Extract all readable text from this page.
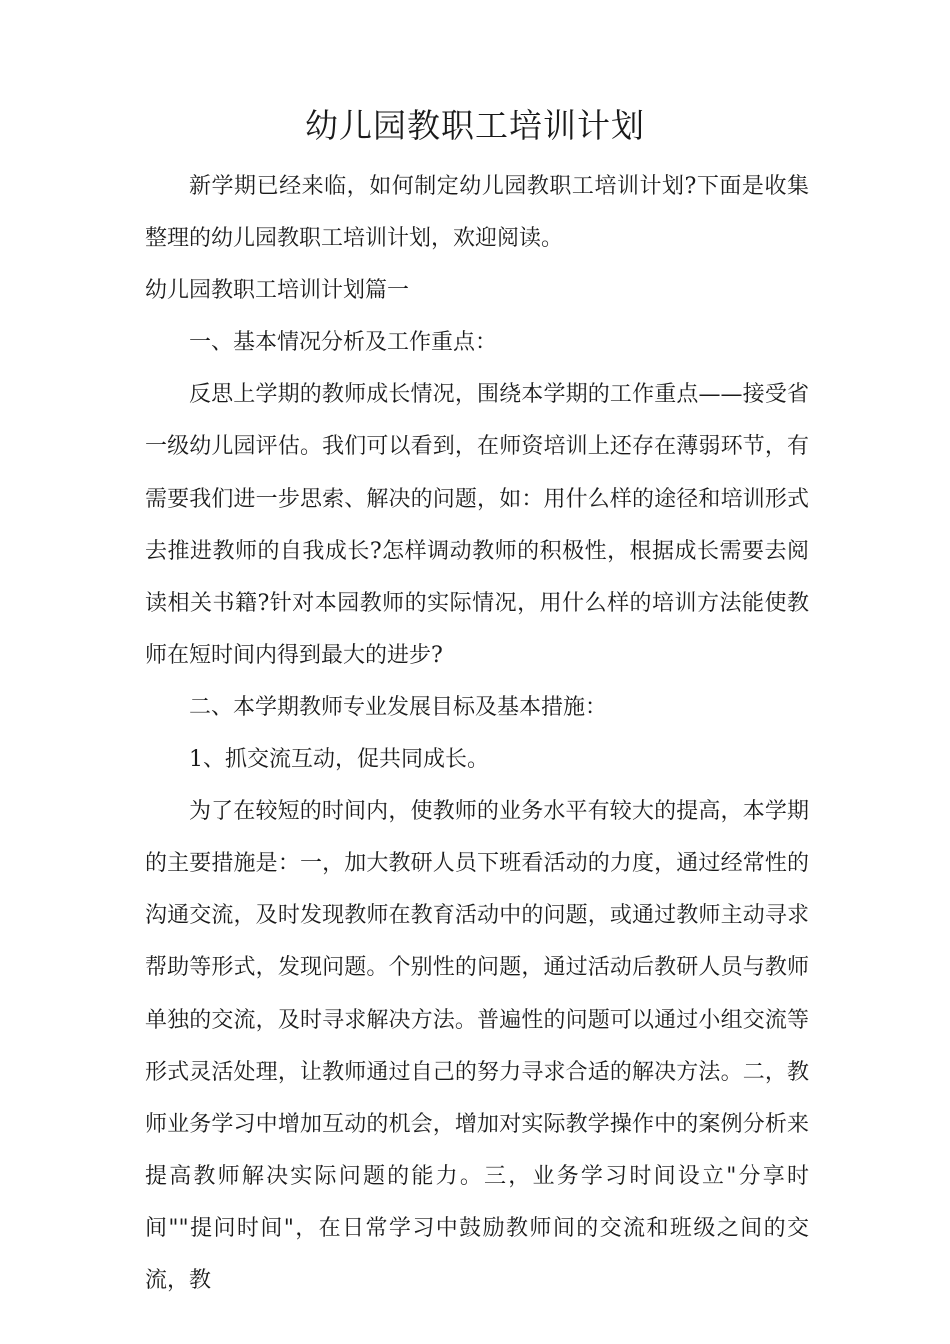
幼儿园教职工培训计划

新学期已经来临，如何制定幼儿园教职工培训计划?下面是收集整理的幼儿园教职工培训计划，欢迎阅读。

幼儿园教职工培训计划篇一

一、基本情况分析及工作重点：

反思上学期的教师成长情况，围绕本学期的工作重点——接受省一级幼儿园评估。我们可以看到，在师资培训上还存在薄弱环节，有需要我们进一步思索、解决的问题，如：用什么样的途径和培训形式去推进教师的自我成长?怎样调动教师的积极性，根据成长需要去阅读相关书籍?针对本园教师的实际情况，用什么样的培训方法能使教师在短时间内得到最大的进步?

二、本学期教师专业发展目标及基本措施：

1、抓交流互动，促共同成长。

为了在较短的时间内，使教师的业务水平有较大的提高，本学期的主要措施是：一，加大教研人员下班看活动的力度，通过经常性的沟通交流，及时发现教师在教育活动中的问题，或通过教师主动寻求帮助等形式，发现问题。个别性的问题，通过活动后教研人员与教师单独的交流，及时寻求解决方法。普遍性的问题可以通过小组交流等形式灵活处理，让教师通过自己的努力寻求合适的解决方法。二，教师业务学习中增加互动的机会，增加对实际教学操作中的案例分析来提高教师解决实际问题的能力。三，业务学习时间设立"分享时间""提问时间"，在日常学习中鼓励教师间的交流和班级之间的交流，教
